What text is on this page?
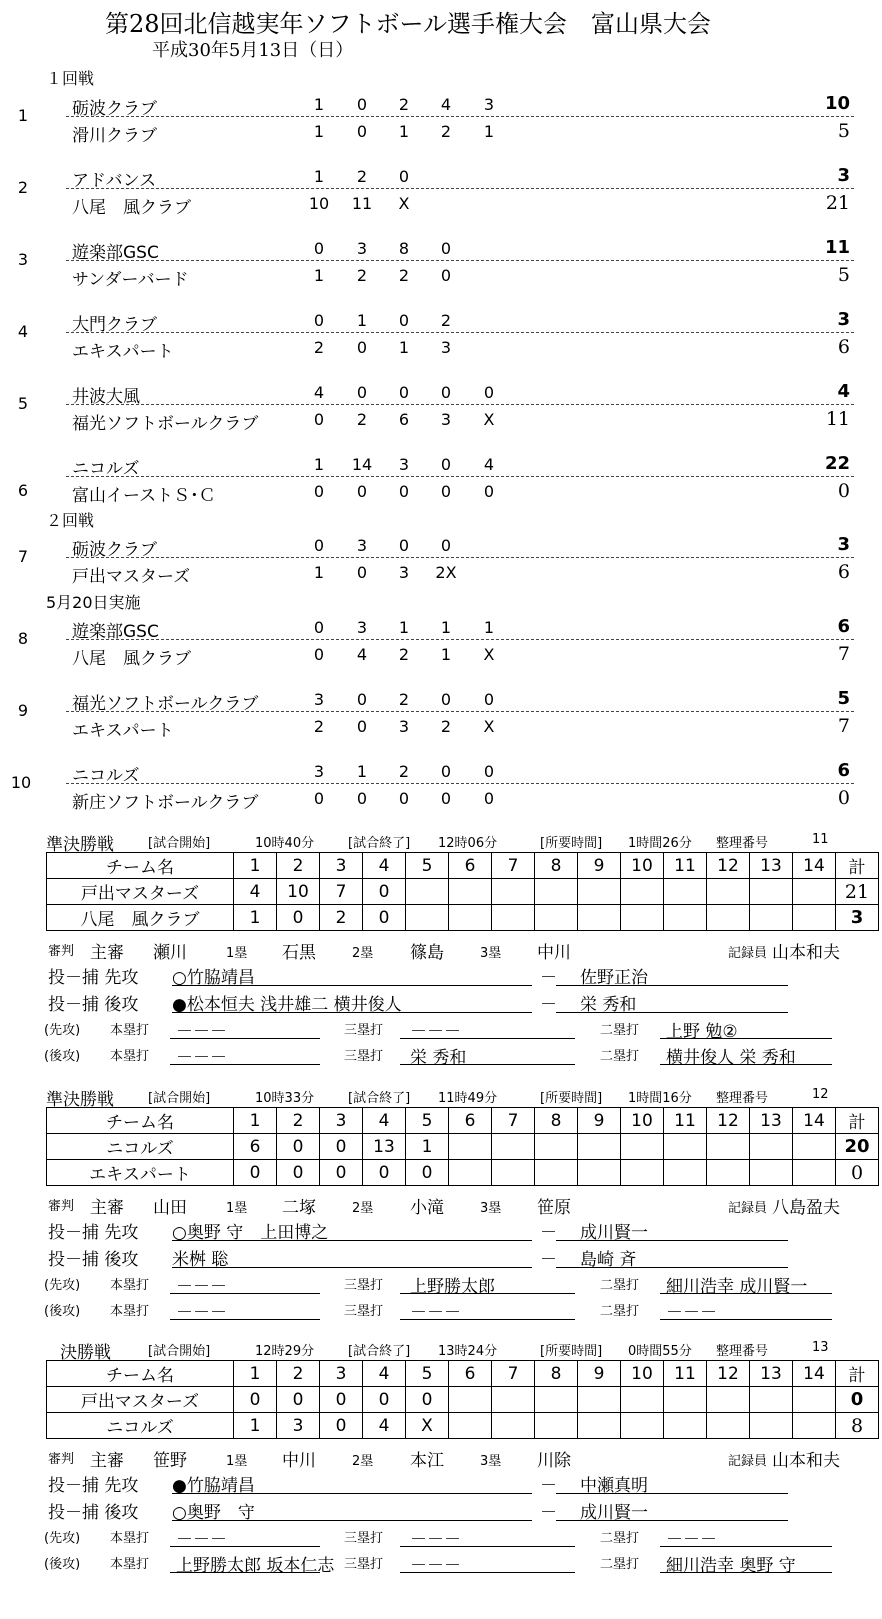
第28回北信越実年ソフトボール選手権大会　富山県大会
平成30年5月13日（日）
１回戦
２回戦
5月20日実施
1	砺波クラブ	1	0	2	4	3	10
滑川クラブ	1	0	1	2	1	5
2	アドバンス	1	2	0	3
八尾　風クラブ	10 11	X	21
3	遊楽部GSC	0	3	8	0	11
サンダーバード	1	2	2	0	5
4	大門クラブ	0	1	0	2	3
エキスパート	2	0	1	3	6
5	井波大風	4	0	0	0	0	4
福光ソフトボールクラブ	0	2	6	3	X	11
6
ニコルズ	1	14	3	0	4	22
富山イーストＳ･Ｃ	0	0	0	0	0	0
7	砺波クラブ	0	3	0	0	3
戸出マスターズ	1	0	3	2X	6
8	遊楽部GSC	0	3	1	1	1	6
八尾　風クラブ	0	4	2	1	X	7
9	福光ソフトボールクラブ	3	0	2	0	0	5
エキスパート	2	0	3	2	X	7
10 ニコルズ	3	1	2	0	0	6
新庄ソフトボールクラブ	0	0	0	0	0	0
準決勝戦	[試合開始]	10時40分	[試合終了] 12時06分	[所要時間] 1時間26分 整理番号	11
チーム名	1	2	3	4	5	6	7	8	9	10	11	12	13	14	計
戸出マスターズ	4	10	7	0											21
八尾　風クラブ	1	0	2	0											3
審判 主審 瀬川	1塁 石黒	2塁 篠島	3塁 中川	記録員 山本和夫
投－捕 先攻 ○竹脇靖昌	－ 佐野正治
投－捕 後攻 ●松本恒夫 浅井雄二 横井俊人	－ 栄 秀和
(先攻) 本塁打 －－－	三塁打 －－－	二塁打 上野 勉②
(後攻) 本塁打 －－－	三塁打 栄 秀和	二塁打 横井俊人 栄 秀和
準決勝戦	[試合開始]	10時33分	[試合終了] 11時49分	[所要時間] 1時間16分 整理番号	12
チーム名	1	2	3	4	5	6	7	8	9	10	11	12	13	14	計
ニコルズ	6	0	0	13	1										20
エキスパート	0	0	0	0	0										0
審判 主審 山田	1塁 二塚	2塁 小滝	3塁 笹原	記録員 八島盈夫
投－捕 先攻 ○奥野 守　上田博之	－ 成川賢一
投－捕 後攻 米桝 聡	－ 島崎 斉
(先攻) 本塁打 －－－	三塁打 上野勝太郎	二塁打 細川浩幸 成川賢一
(後攻) 本塁打 －－－	三塁打 －－－	二塁打 －－－
決勝戦	[試合開始]	12時29分	[試合終了] 13時24分	[所要時間] 0時間55分 整理番号	13
チーム名	1	2	3	4	5	6	7	8	9	10	11	12	13	14	計
戸出マスターズ	0	0	0	0	0										0
ニコルズ	1	3	0	4	X										8
審判 主審 笹野	1塁 中川	2塁 本江	3塁 川除	記録員 山本和夫
投－捕 先攻 ●竹脇靖昌	－ 中瀬真明
投－捕 後攻 ○奥野　守	－ 成川賢一
(先攻) 本塁打 －－－	三塁打 －－－	二塁打 －－－
(後攻) 本塁打 上野勝太郎 坂本仁志 三塁打 －－－	二塁打 細川浩幸 奥野 守
